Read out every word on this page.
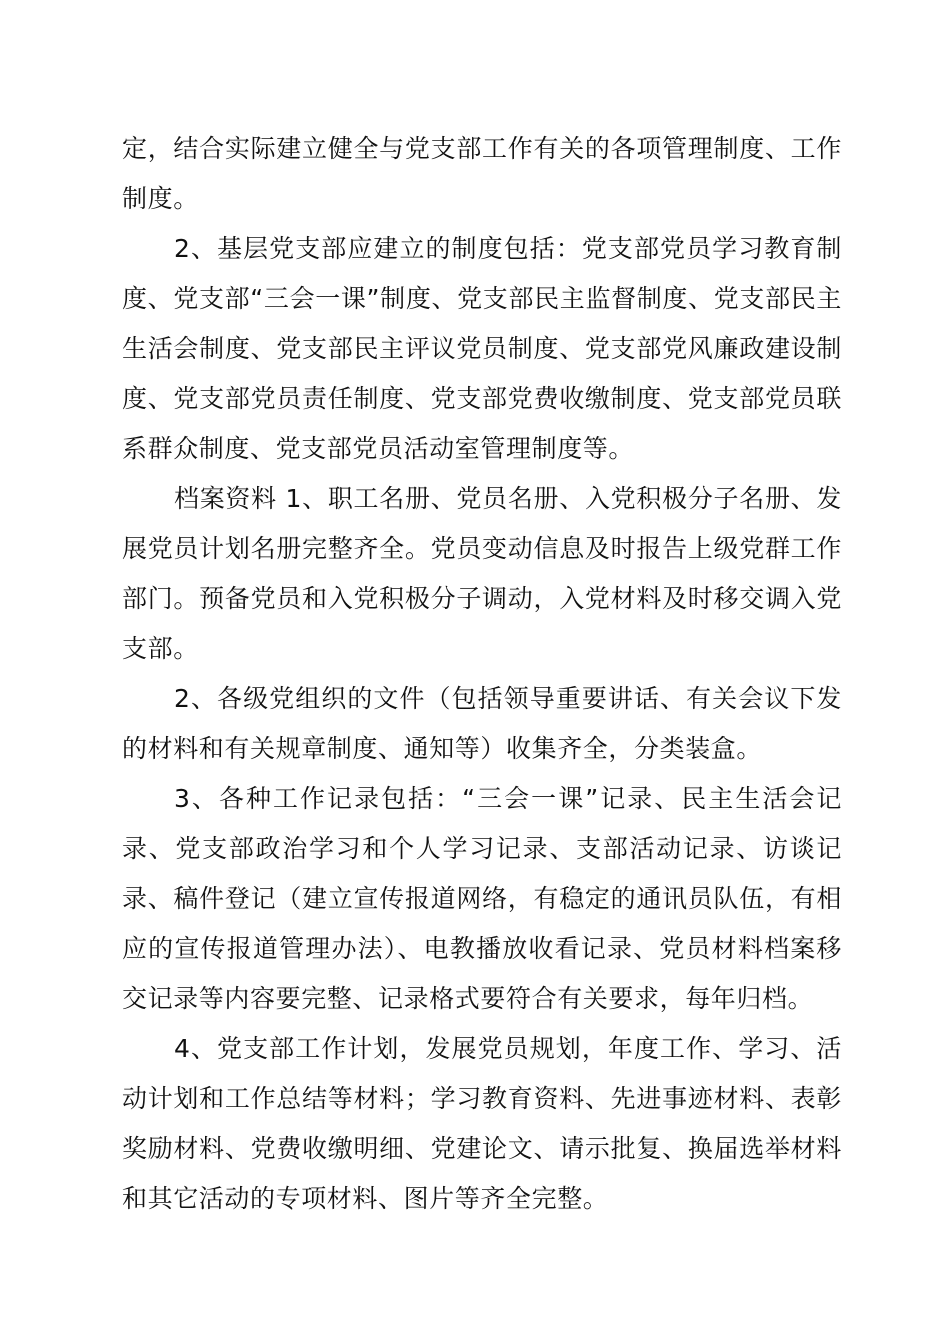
定，结合实际建立健全与党支部工作有关的各项管理制度、工作制度。

2、基层党支部应建立的制度包括：党支部党员学习教育制度、党支部“三会一课”制度、党支部民主监督制度、党支部民主生活会制度、党支部民主评议党员制度、党支部党风廉政建设制度、党支部党员责任制度、党支部党费收缴制度、党支部党员联系群众制度、党支部党员活动室管理制度等。

档案资料 1、职工名册、党员名册、入党积极分子名册、发展党员计划名册完整齐全。党员变动信息及时报告上级党群工作部门。预备党员和入党积极分子调动，入党材料及时移交调入党支部。

2、各级党组织的文件（包括领导重要讲话、有关会议下发的材料和有关规章制度、通知等）收集齐全，分类装盒。

3、各种工作记录包括：“三会一课”记录、民主生活会记录、党支部政治学习和个人学习记录、支部活动记录、访谈记录、稿件登记（建立宣传报道网络，有稳定的通讯员队伍，有相应的宣传报道管理办法）、电教播放收看记录、党员材料档案移交记录等内容要完整、记录格式要符合有关要求，每年归档。

4、党支部工作计划，发展党员规划，年度工作、学习、活动计划和工作总结等材料；学习教育资料、先进事迹材料、表彰奖励材料、党费收缴明细、党建论文、请示批复、换届选举材料和其它活动的专项材料、图片等齐全完整。
